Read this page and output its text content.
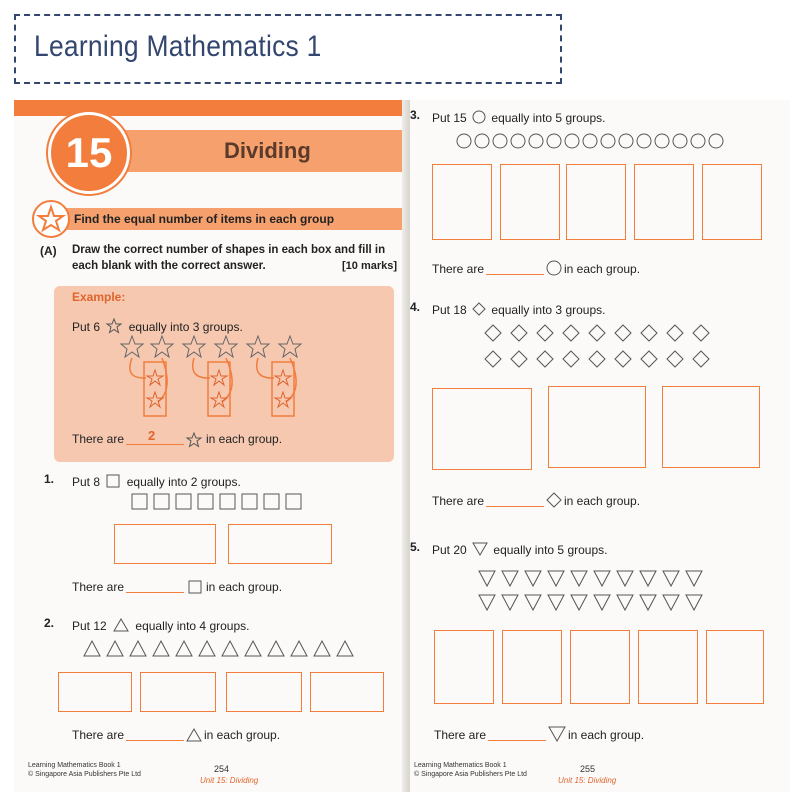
Learning Mathematics 1
15	Dividing
Find the equal number of items in each group
(A) Draw the correct number of shapes in each box and fill in
each blank with the correct answer.	[10 marks]
Example:
Put 6 equally into 3 groups.
There are 2	in each group.
1. Put 8 equally into 2 groups.
There are	in each group.
2. Put 12 equally into 4 groups.
There are	in each group.
Learning Mathematics Book 1
© Singapore Asia Publishers Pte Ltd
254
Unit 15: Dividing
3. Put 15 equally into 5 groups.
There are	in each group.
4. Put 18 equally into 3 groups.
There are	in each group.
5. Put 20 equally into 5 groups.
There are	in each group.
Learning Mathematics Book 1
© Singapore Asia Publishers Pte Ltd
255
Unit 15: Dividing
